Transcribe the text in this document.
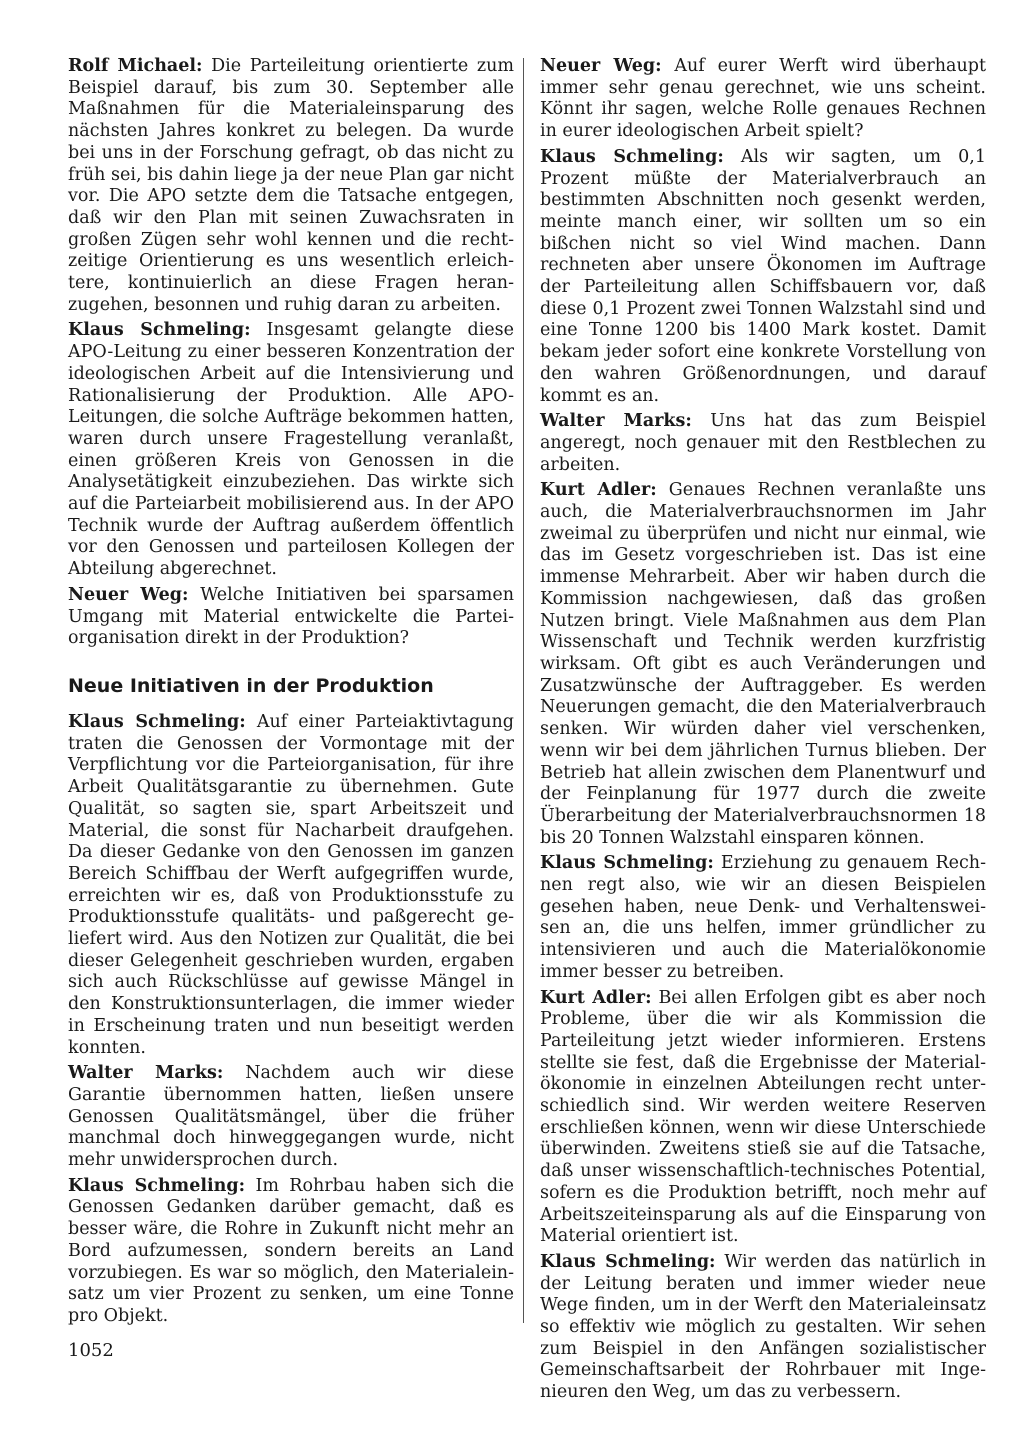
Rolf Michael: Die Parteileitung orientierte zum Beispiel darauf, bis zum 30. September alle Maßnahmen für die Materialeinsparung des nächsten Jahres konkret zu belegen. Da wurde bei uns in der Forschung gefragt, ob das nicht zu früh sei, bis dahin liege ja der neue Plan gar nicht vor. Die APO setzte dem die Tatsache entgegen, daß wir den Plan mit seinen Zuwachsraten in großen Zügen sehr wohl kennen und die rechtzeitige Orientierung es uns wesentlich erleichtere, kontinuierlich an diese Fragen heranzugehen, besonnen und ruhig daran zu arbeiten.

Klaus Schmeling: Insgesamt gelangte diese APO-Leitung zu einer besseren Konzentration der ideologischen Arbeit auf die Intensivierung und Rationalisierung der Produktion. Alle APO-Leitungen, die solche Aufträge bekommen hatten, waren durch unsere Fragestellung veranlaßt, einen größeren Kreis von Genossen in die Analysetätigkeit einzubeziehen. Das wirkte sich auf die Parteiarbeit mobilisierend aus. In der APO Technik wurde der Auftrag außerdem öffentlich vor den Genossen und parteilosen Kollegen der Abteilung abgerechnet.

Neuer Weg: Welche Initiativen bei sparsamen Umgang mit Material entwickelte die Parteiorganisation direkt in der Produktion?

Neue Initiativen in der Produktion

Klaus Schmeling: Auf einer Parteiaktivtagung traten die Genossen der Vormontage mit der Verpflichtung vor die Parteiorganisation, für ihre Arbeit Qualitätsgarantie zu übernehmen. Gute Qualität, so sagten sie, spart Arbeitszeit und Material, die sonst für Nacharbeit draufgehen. Da dieser Gedanke von den Genossen im ganzen Bereich Schiffbau der Werft aufgegriffen wurde, erreichten wir es, daß von Produktionsstufe zu Produktionsstufe qualitäts- und paßgerecht geliefert wird. Aus den Notizen zur Qualität, die bei dieser Gelegenheit geschrieben wurden, ergaben sich auch Rückschlüsse auf gewisse Mängel in den Konstruktionsunterlagen, die immer wieder in Erscheinung traten und nun beseitigt werden konnten.

Walter Marks: Nachdem auch wir diese Garantie übernommen hatten, ließen unsere Genossen Qualitätsmängel, über die früher manchmal doch hinweggegangen wurde, nicht mehr unwidersprochen durch.

Klaus Schmeling: Im Rohrbau haben sich die Genossen Gedanken darüber gemacht, daß es besser wäre, die Rohre in Zukunft nicht mehr an Bord aufzumessen, sondern bereits an Land vorzubiegen. Es war so möglich, den Materialeinsatz um vier Prozent zu senken, um eine Tonne pro Objekt.

Neuer Weg: Auf eurer Werft wird überhaupt immer sehr genau gerechnet, wie uns scheint. Könnt ihr sagen, welche Rolle genaues Rechnen in eurer ideologischen Arbeit spielt?

Klaus Schmeling: Als wir sagten, um 0,1 Prozent müßte der Materialverbrauch an bestimmten Abschnitten noch gesenkt werden, meinte manch einer, wir sollten um so ein bißchen nicht so viel Wind machen. Dann rechneten aber unsere Ökonomen im Auftrage der Parteileitung allen Schiffsbauern vor, daß diese 0,1 Prozent zwei Tonnen Walzstahl sind und eine Tonne 1200 bis 1400 Mark kostet. Damit bekam jeder sofort eine konkrete Vorstellung von den wahren Größenordnungen, und darauf kommt es an.

Walter Marks: Uns hat das zum Beispiel angeregt, noch genauer mit den Restblechen zu arbeiten.

Kurt Adler: Genaues Rechnen veranlaßte uns auch, die Materialverbrauchsnormen im Jahr zweimal zu überprüfen und nicht nur einmal, wie das im Gesetz vorgeschrieben ist. Das ist eine immense Mehrarbeit. Aber wir haben durch die Kommission nachgewiesen, daß das großen Nutzen bringt. Viele Maßnahmen aus dem Plan Wissenschaft und Technik werden kurzfristig wirksam. Oft gibt es auch Veränderungen und Zusatzwünsche der Auftraggeber. Es werden Neuerungen gemacht, die den Materialverbrauch senken. Wir würden daher viel verschenken, wenn wir bei dem jährlichen Turnus blieben. Der Betrieb hat allein zwischen dem Planentwurf und der Feinplanung für 1977 durch die zweite Überarbeitung der Materialverbrauchsnormen 18 bis 20 Tonnen Walzstahl einsparen können.

Klaus Schmeling: Erziehung zu genauem Rechnen regt also, wie wir an diesen Beispielen gesehen haben, neue Denk- und Verhaltensweisen an, die uns helfen, immer gründlicher zu intensivieren und auch die Materialökonomie immer besser zu betreiben.

Kurt Adler: Bei allen Erfolgen gibt es aber noch Probleme, über die wir als Kommission die Parteileitung jetzt wieder informieren. Erstens stellte sie fest, daß die Ergebnisse der Materialökonomie in einzelnen Abteilungen recht unterschiedlich sind. Wir werden weitere Reserven erschließen können, wenn wir diese Unterschiede überwinden. Zweitens stieß sie auf die Tatsache, daß unser wissenschaftlich-technisches Potential, sofern es die Produktion betrifft, noch mehr auf Arbeitszeiteinsparung als auf die Einsparung von Material orientiert ist.

Klaus Schmeling: Wir werden das natürlich in der Leitung beraten und immer wieder neue Wege finden, um in der Werft den Materialeinsatz so effektiv wie möglich zu gestalten. Wir sehen zum Beispiel in den Anfängen sozialistischer Gemeinschaftsarbeit der Rohrbauer mit Ingenieuren den Weg, um das zu verbessern.

1052
